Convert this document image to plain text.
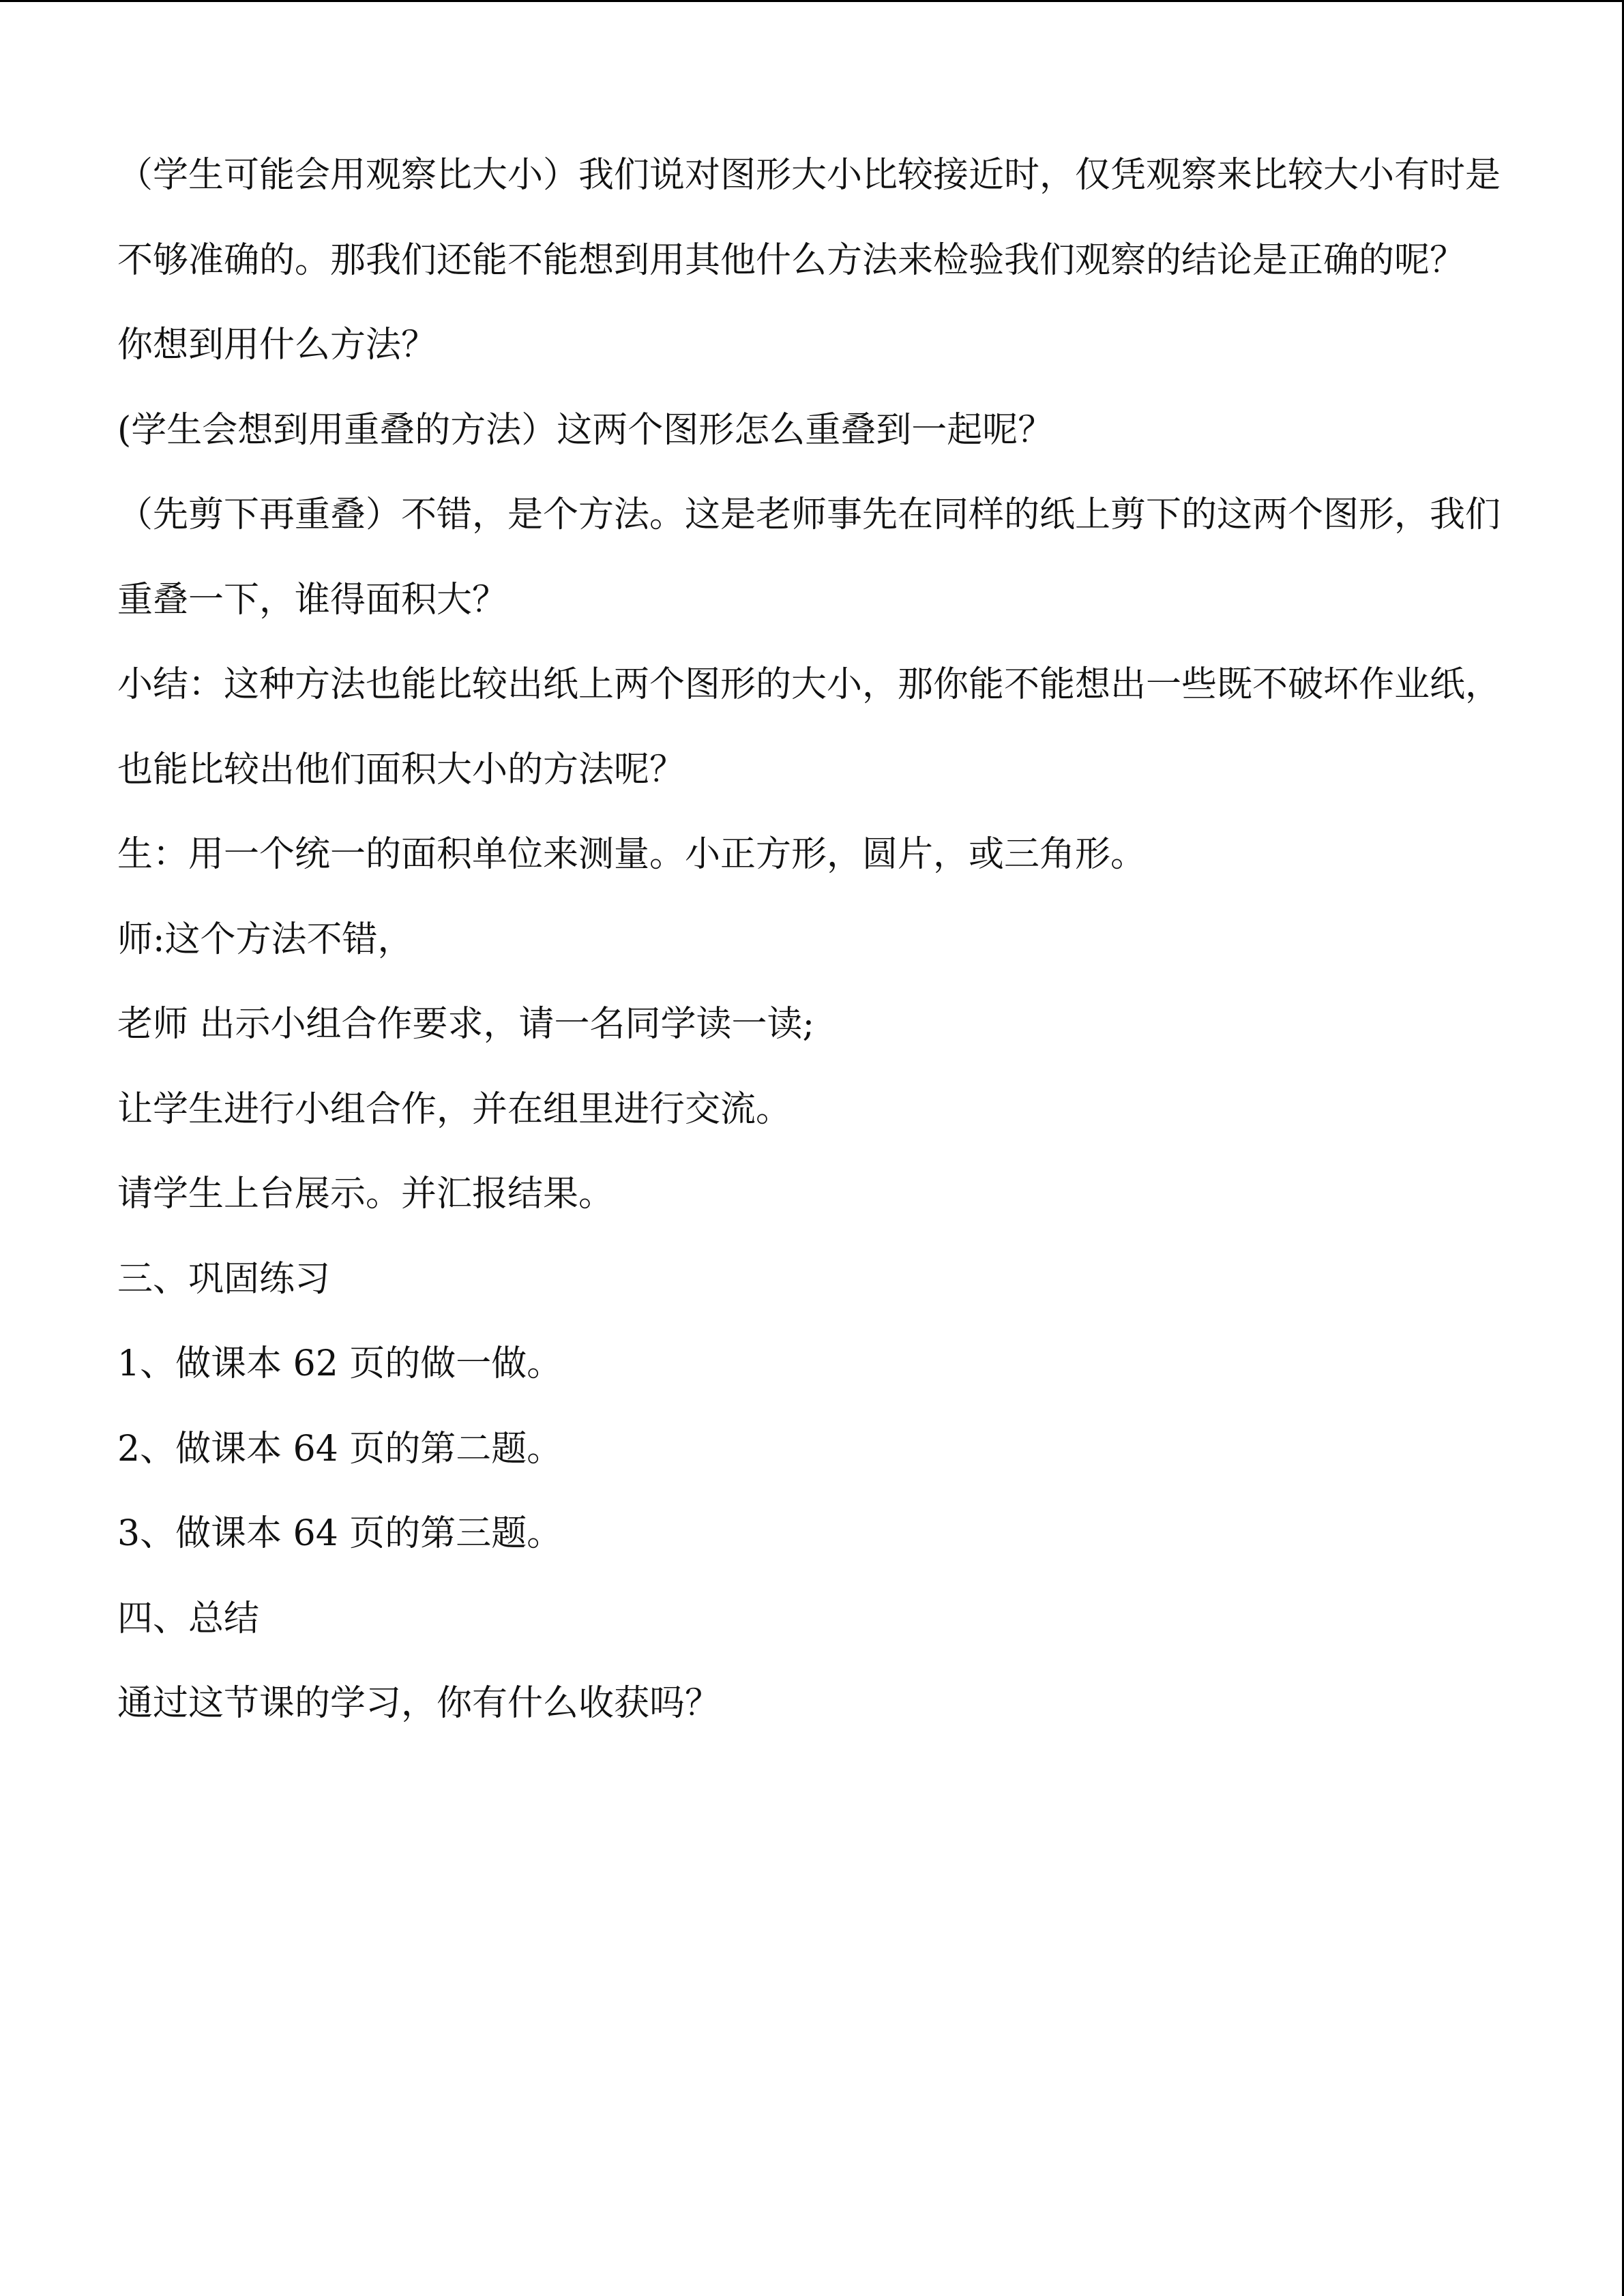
（学生可能会用观察比大小）我们说对图形大小比较接近时，仅凭观察来比较大小有时是不够准确的。那我们还能不能想到用其他什么方法来检验我们观察的结论是正确的呢？

你想到用什么方法？

(学生会想到用重叠的方法）这两个图形怎么重叠到一起呢？

（先剪下再重叠）不错，是个方法。这是老师事先在同样的纸上剪下的这两个图形，我们重叠一下，谁得面积大？

小结：这种方法也能比较出纸上两个图形的大小，那你能不能想出一些既不破坏作业纸，也能比较出他们面积大小的方法呢？

生：用一个统一的面积单位来测量。小正方形，圆片，或三角形。

师:这个方法不错，

老师 出示小组合作要求，请一名同学读一读;

让学生进行小组合作，并在组里进行交流。

请学生上台展示。并汇报结果。

三、巩固练习

1、做课本 62 页的做一做。

2、做课本 64 页的第二题。

3、做课本 64 页的第三题。

四、总结

通过这节课的学习，你有什么收获吗？
